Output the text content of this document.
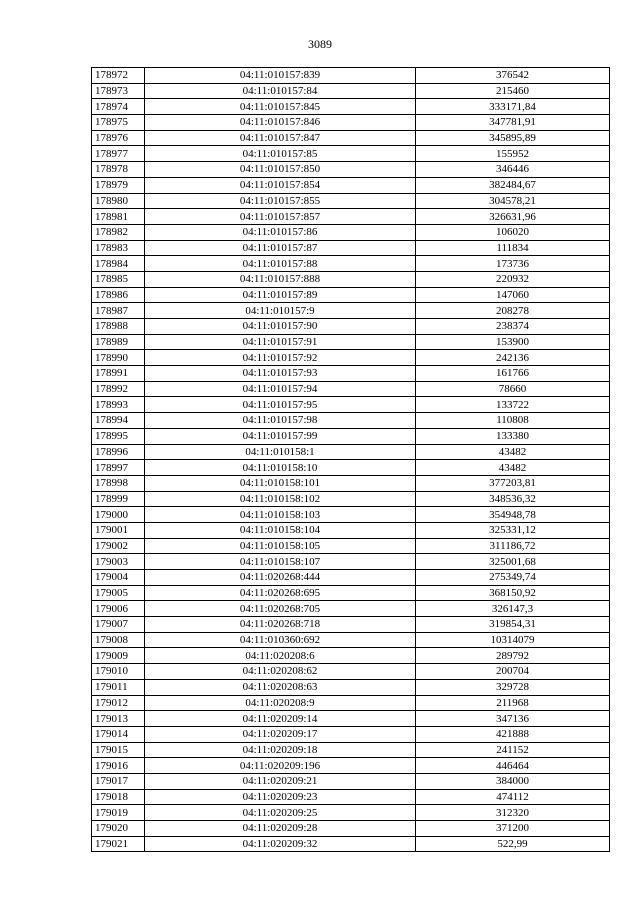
3089
178972	04:11:010157:839	376542
178973	04:11:010157:84	215460
178974	04:11:010157:845	333171,84
178975	04:11:010157:846	347781,91
178976	04:11:010157:847	345895,89
178977	04:11:010157:85	155952
178978	04:11:010157:850	346446
178979	04:11:010157:854	382484,67
178980	04:11:010157:855	304578,21
178981	04:11:010157:857	326631,96
178982	04:11:010157:86	106020
178983	04:11:010157:87	111834
178984	04:11:010157:88	173736
178985	04:11:010157:888	220932
178986	04:11:010157:89	147060
178987	04:11:010157:9	208278
178988	04:11:010157:90	238374
178989	04:11:010157:91	153900
178990	04:11:010157:92	242136
178991	04:11:010157:93	161766
178992	04:11:010157:94	78660
178993	04:11:010157:95	133722
178994	04:11:010157:98	110808
178995	04:11:010157:99	133380
178996	04:11:010158:1	43482
178997	04:11:010158:10	43482
178998	04:11:010158:101	377203,81
178999	04:11:010158:102	348536,32
179000	04:11:010158:103	354948,78
179001	04:11:010158:104	325331,12
179002	04:11:010158:105	311186,72
179003	04:11:010158:107	325001,68
179004	04:11:020268:444	275349,74
179005	04:11:020268:695	368150,92
179006	04:11:020268:705	326147,3
179007	04:11:020268:718	319854,31
179008	04:11:010360:692	10314079
179009	04:11:020208:6	289792
179010	04:11:020208:62	200704
179011	04:11:020208:63	329728
179012	04:11:020208:9	211968
179013	04:11:020209:14	347136
179014	04:11:020209:17	421888
179015	04:11:020209:18	241152
179016	04:11:020209:196	446464
179017	04:11:020209:21	384000
179018	04:11:020209:23	474112
179019	04:11:020209:25	312320
179020	04:11:020209:28	371200
179021	04:11:020209:32	522,99
